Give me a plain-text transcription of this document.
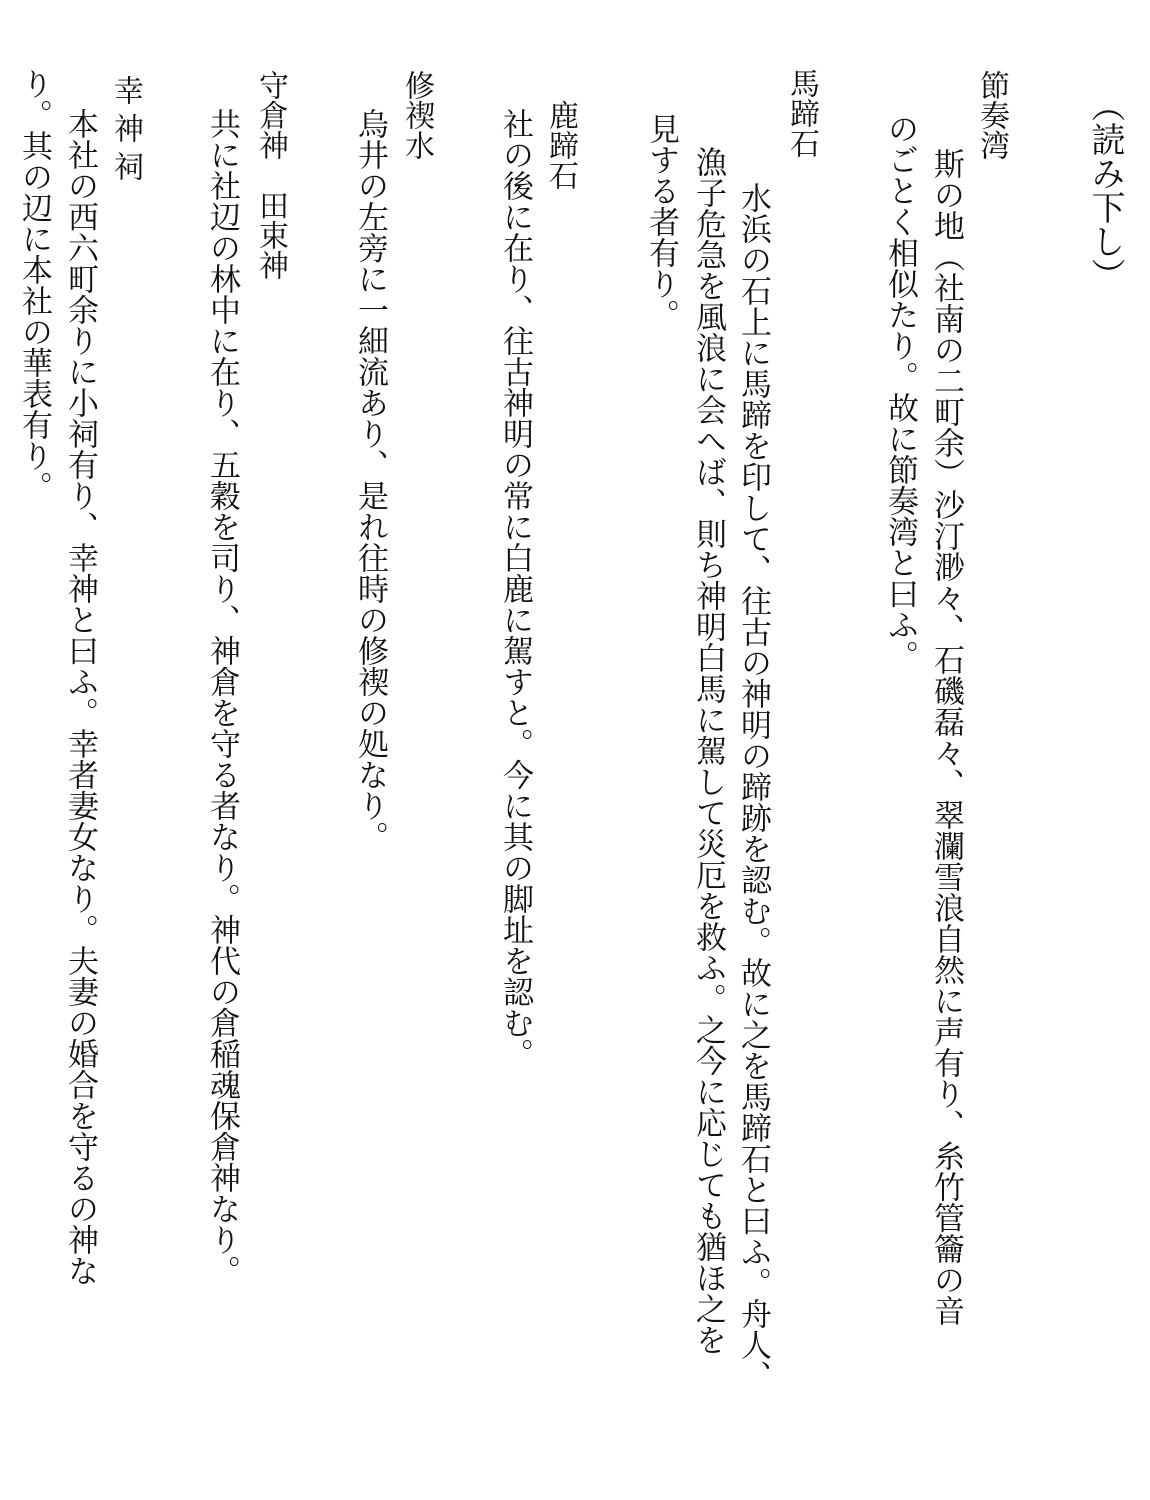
（読み下し）
節奏湾
斯の地（社南の二町余）沙汀渺々、石磯磊々、翠瀾雪浪自然に声有り、糸竹管籥の音
のごとく相似たり。故に節奏湾と曰ふ。
馬蹄石
水浜の石上に馬蹄を印して、往古の神明の蹄跡を認む。故に之を馬蹄石と曰ふ。舟人、
漁子危急を風浪に会へば、則ち神明白馬に駕して災厄を救ふ。之今に応じても猶ほ之を
見する者有り。
鹿蹄石
社の後に在り、往古神明の常に白鹿に駕すと。今に其の脚址を認む。
修禊水
烏井の左旁に一細流あり、是れ往時の修禊の処なり。
守倉神　田束神
共に社辺の林中に在り、五穀を司り、神倉を守る者なり。神代の倉稲魂保倉神なり。
幸神祠
本社の西六町余りに小祠有り、幸神と曰ふ。幸者妻女なり。夫妻の婚合を守るの神な
り。其の辺に本社の華表有り。
